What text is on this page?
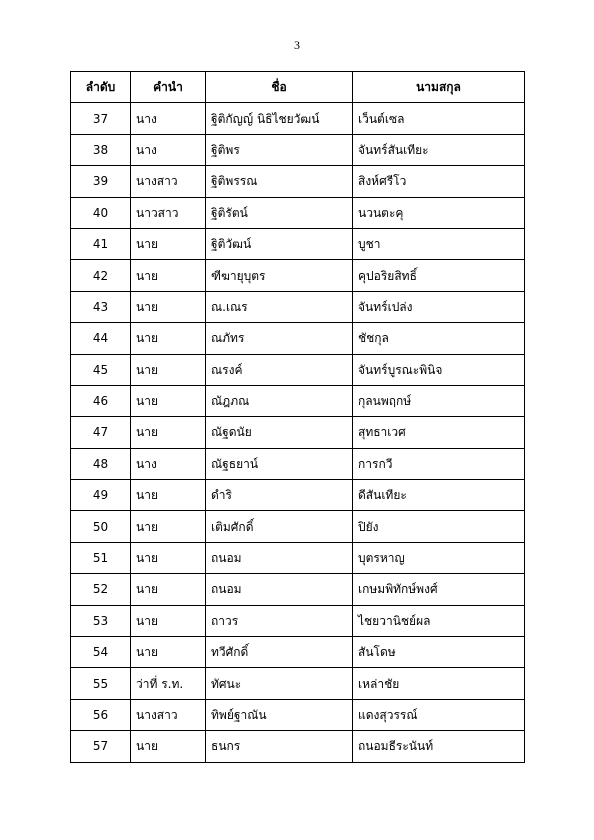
3
ลำดับ	คำนำ	ชื่อ	นามสกุล
37	นาง	ฐิติกัญญ์ นิธิไชยวัฒน์	เว็นต์เซล
38	นาง	ฐิติพร	จันทร์สันเทียะ
39	นางสาว	ฐิติพรรณ	สิงห์ศรีโว
40	นาวสาว	ฐิติรัตน์	นวนตะคุ
41	นาย	ฐิติวัฒน์	บูชา
42	นาย	ฑีฆายุบุตร	คุปอริยสิทธิ์
43	นาย	ณ.เณร	จันทร์เปล่ง
44	นาย	ณภัทร	ชัชกุล
45	นาย	ณรงค์	จันทร์บูรณะพินิจ
46	นาย	ณัฎภณ	กุลนพฤกษ์
47	นาย	ณัฐดนัย	สุทธาเวศ
48	นาง	ณัฐธยาน์	การกวี
49	นาย	ดำริ	ดีสันเทียะ
50	นาย	เติมศักดิ์	ปิยัง
51	นาย	ถนอม	บุตรหาญ
52	นาย	ถนอม	เกษมพิทักษ์พงศ์
53	นาย	ถาวร	ไชยวานิชย์ผล
54	นาย	ทวีศักดิ์	สันโดษ
55	ว่าที่ ร.ท.	ทัศนะ	เหล่าชัย
56	นางสาว	ทิพย์ฐาณัน	แดงสุวรรณ์
57	นาย	ธนกร	ถนอมธีระนันท์
